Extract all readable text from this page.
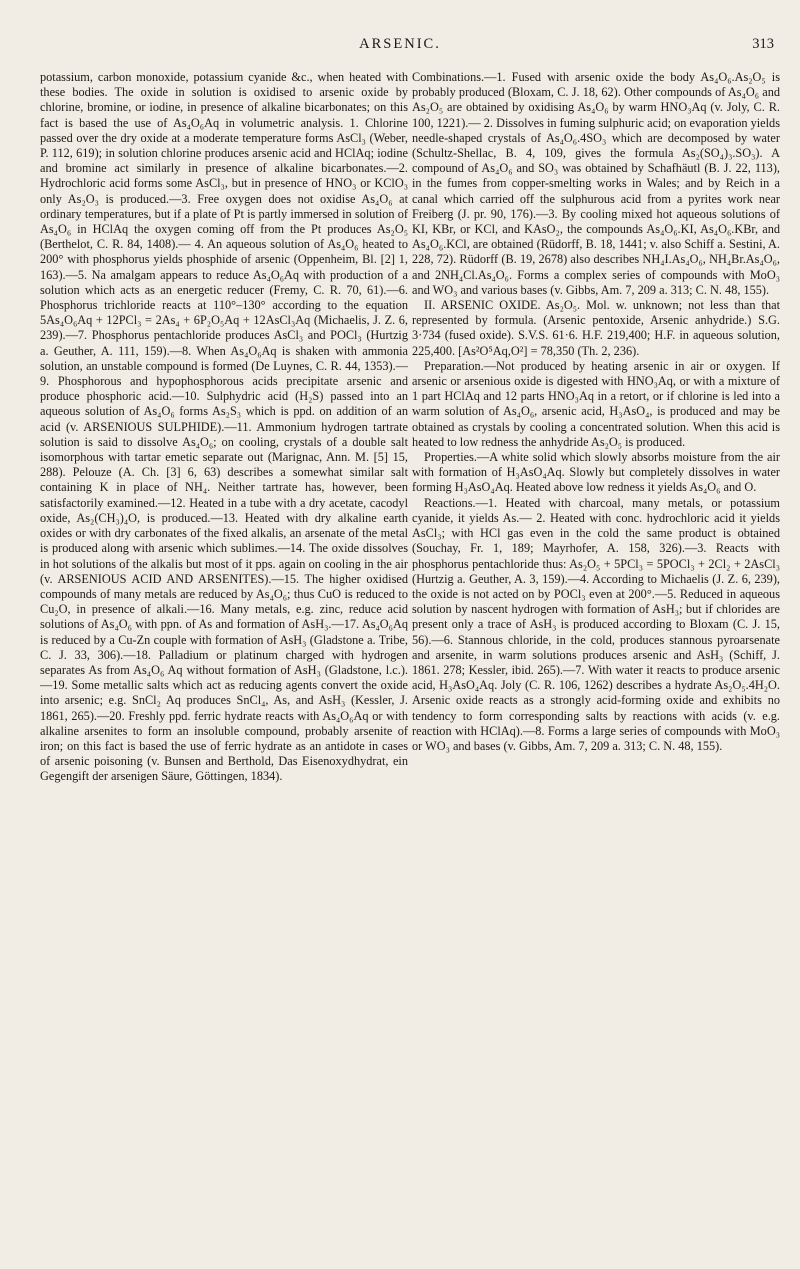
ARSENIC.	313

potassium, carbon monoxide, potassium cyanide &c., when heated with these bodies. The oxide in solution is oxidised to arsenic oxide by chlorine, bromine, or iodine, in presence of alkaline bicarbonates; on this fact is based the use of As₄O₆Aq in volumetric analysis. 1. Chlorine passed over the dry oxide at a moderate temperature forms AsCl₃ (Weber, P. 112, 619); in solution chlorine produces arsenic acid and HClAq; iodine and bromine act similarly in presence of alkaline bicarbonates.—2. Hydrochloric acid forms some AsCl₃, but in presence of HNO₃ or KClO₃ only As₂O₃ is produced.—3. Free oxygen does not oxidise As₄O₆ at ordinary temperatures, but if a plate of Pt is partly immersed in solution of As₄O₆ in HClAq the oxygen coming off from the Pt produces As₂O₅ (Berthelot, C. R. 84, 1408).— 4. An aqueous solution of As₄O₆ heated to 200° with phosphorus yields phosphide of arsenic (Oppenheim, Bl. [2] 1, 163).—5. Na amalgam appears to reduce As₄O₆Aq with production of a solution which acts as an energetic reducer (Fremy, C. R. 70, 61).—6. Phosphorus trichloride reacts at 110°–130° according to the equation 5As₄O₆Aq + 12PCl₃ = 2As₄ + 6P₂O₅Aq + 12AsCl₃Aq (Michaelis, J. Z. 6, 239).—7. Phosphorus pentachloride produces AsCl₃ and POCl₃ (Hurtzig a. Geuther, A. 111, 159).—8. When As₄O₆Aq is shaken with ammonia solution, an unstable compound is formed (De Luynes, C. R. 44, 1353).—9. Phosphorous and hypophosphorous acids precipitate arsenic and produce phosphoric acid.—10. Sulphydric acid (H₂S) passed into an aqueous solution of As₄O₆ forms As₂S₃ which is ppd. on addition of an acid (v. ARSENIOUS SULPHIDE).—11. Ammonium hydrogen tartrate solution is said to dissolve As₄O₆; on cooling, crystals of a double salt isomorphous with tartar emetic separate out (Marignac, Ann. M. [5] 15, 288). Pelouze (A. Ch. [3] 6, 63) describes a somewhat similar salt containing K in place of NH₄. Neither tartrate has, however, been satisfactorily examined.—12. Heated in a tube with a dry acetate, cacodyl oxide, As₂(CH₃)₄O, is produced.—13. Heated with dry alkaline earth oxides or with dry carbonates of the fixed alkalis, an arsenate of the metal is produced along with arsenic which sublimes.—14. The oxide dissolves in hot solutions of the alkalis but most of it pps. again on cooling in the air (v. ARSENIOUS ACID AND ARSENITES).—15. The higher oxidised compounds of many metals are reduced by As₄O₆; thus CuO is reduced to Cu₂O, in presence of alkali.—16. Many metals, e.g. zinc, reduce acid solutions of As₄O₆ with ppn. of As and formation of AsH₃.—17. As₄O₆Aq is reduced by a Cu-Zn couple with formation of AsH₃ (Gladstone a. Tribe, C. J. 33, 306).—18. Palladium or platinum charged with hydrogen separates As from As₄O₆ Aq without formation of AsH₃ (Gladstone, l.c.).—19. Some metallic salts which act as reducing agents convert the oxide into arsenic; e.g. SnCl₂ Aq produces SnCl₄, As, and AsH₃ (Kessler, J. 1861, 265).—20. Freshly ppd. ferric hydrate reacts with As₄O₆Aq or with alkaline arsenites to form an insoluble compound, probably arsenite of iron; on this fact is based the use of ferric hydrate as an antidote in cases of arsenic poisoning (v. Bunsen and Berthold, Das Eisenoxydhydrat, ein Gegengift der arsenigen Säure, Göttingen, 1834).

Combinations.—1. Fused with arsenic oxide the body As₄O₆.As₂O₅ is probably produced (Bloxam, C. J. 18, 62). Other compounds of As₄O₆ and As₂O₅ are obtained by oxidising As₄O₆ by warm HNO₃Aq (v. Joly, C. R. 100, 1221).— 2. Dissolves in fuming sulphuric acid; on evaporation yields needle-shaped crystals of As₄O₆.4SO₃ which are decomposed by water (Schultz-Shellac, B. 4, 109, gives the formula As₂(SO₄)₃.SO₃). A compound of As₄O₆ and SO₃ was obtained by Schafhäutl (B. J. 22, 113), in the fumes from copper-smelting works in Wales; and by Reich in a canal which carried off the sulphurous acid from a pyrites work near Freiberg (J. pr. 90, 176).—3. By cooling mixed hot aqueous solutions of KI, KBr, or KCl, and KAsO₂, the compounds As₄O₆.KI, As₄O₆.KBr, and As₄O₆.KCl, are obtained (Rüdorff, B. 18, 1441; v. also Schiff a. Sestini, A. 228, 72). Rüdorff (B. 19, 2678) also describes NH₄I.As₄O₆, NH₄Br.As₄O₆, and 2NH₄Cl.As₄O₆. Forms a complex series of compounds with MoO₃ and WO₃ and various bases (v. Gibbs, Am. 7, 209 a. 313; C. N. 48, 155).

II. ARSENIC OXIDE. As₂O₅. Mol. w. unknown; not less than that represented by formula. (Arsenic pentoxide, Arsenic anhydride.) S.G. 3·734 (fused oxide). S.V.S. 61·6. H.F. 219,400; H.F. in aqueous solution, 225,400. [As²O⁵Aq,O²] = 78,350 (Th. 2, 236).

Preparation.—Not produced by heating arsenic in air or oxygen. If arsenic or arsenious oxide is digested with HNO₃Aq, or with a mixture of 1 part HClAq and 12 parts HNO₃Aq in a retort, or if chlorine is led into a warm solution of As₄O₆, arsenic acid, H₃AsO₄, is produced and may be obtained as crystals by cooling a concentrated solution. When this acid is heated to low redness the anhydride As₂O₅ is produced.

Properties.—A white solid which slowly absorbs moisture from the air with formation of H₃AsO₄Aq. Slowly but completely dissolves in water forming H₃AsO₄Aq. Heated above low redness it yields As₄O₆ and O.

Reactions.—1. Heated with charcoal, many metals, or potassium cyanide, it yields As.— 2. Heated with conc. hydrochloric acid it yields AsCl₃; with HCl gas even in the cold the same product is obtained (Souchay, Fr. 1, 189; Mayrhofer, A. 158, 326).—3. Reacts with phosphorus pentachloride thus: As₂O₅ + 5PCl₃ = 5POCl₃ + 2Cl₂ + 2AsCl₃ (Hurtzig a. Geuther, A. 3, 159).—4. According to Michaelis (J. Z. 6, 239), the oxide is not acted on by POCl₃ even at 200°.—5. Reduced in aqueous solution by nascent hydrogen with formation of AsH₃; but if chlorides are present only a trace of AsH₃ is produced according to Bloxam (C. J. 15, 56).—6. Stannous chloride, in the cold, produces stannous pyroarsenate and arsenite, in warm solutions produces arsenic and AsH₃ (Schiff, J. 1861. 278; Kessler, ibid. 265).—7. With water it reacts to produce arsenic acid, H₃AsO₄Aq. Joly (C. R. 106, 1262) describes a hydrate As₂O₅.4H₂O. Arsenic oxide reacts as a strongly acid-forming oxide and exhibits no tendency to form corresponding salts by reactions with acids (v. e.g. reaction with HClAq).—8. Forms a large series of compounds with MoO₃ or WO₃ and bases (v. Gibbs, Am. 7, 209 a. 313; C. N. 48, 155).
